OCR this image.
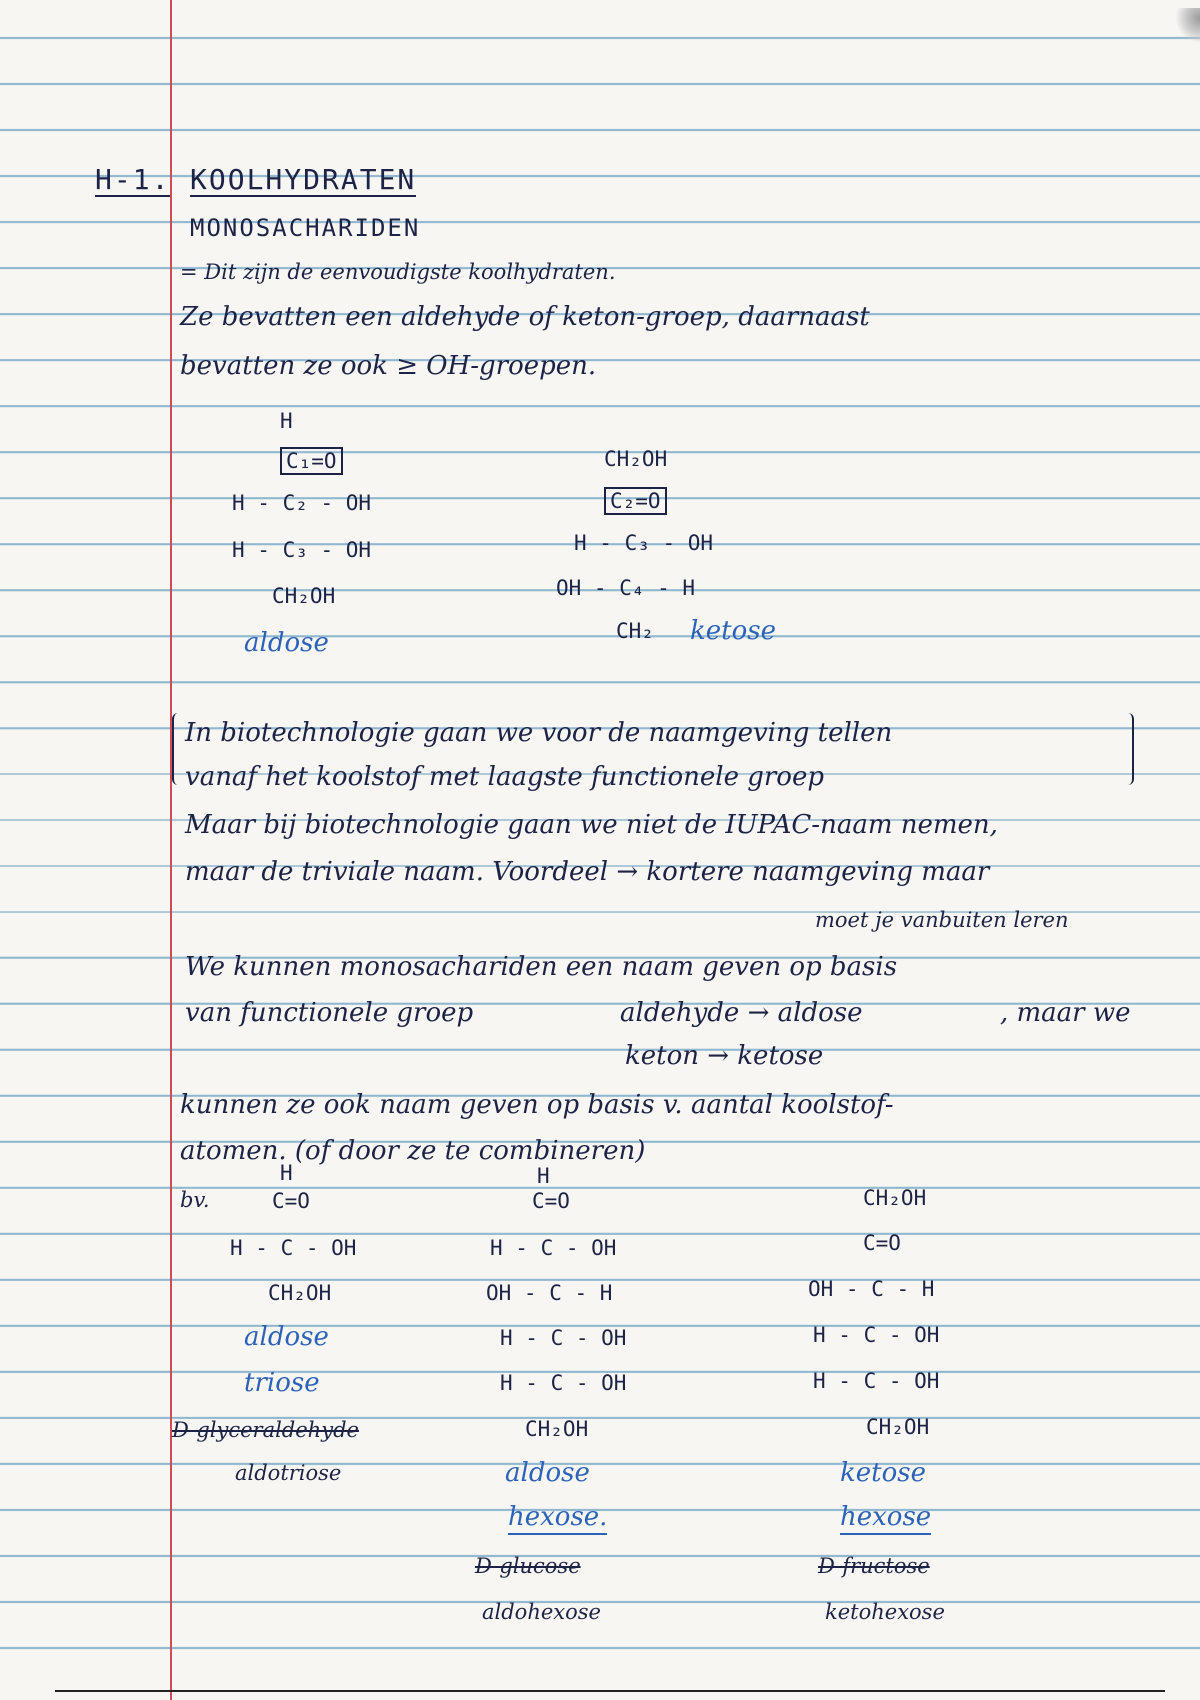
H-1. KOOLHYDRATEN
MONOSACHARIDEN
= Dit zijn de eenvoudigste koolhydraten.
Ze bevatten een aldehyde of keton-groep, daarnaast
bevatten ze ook ≥ OH-groepen.
H
C₁=O
H - C₂ - OH
H - C₃ - OH
CH₂OH
aldose
CH₂OH
C₂=O
H - C₃ - OH
OH - C₄ - H
CH₂ ketose
In biotechnologie gaan we voor de naamgeving tellen
vanaf het koolstof met laagste functionele groep
Maar bij biotechnologie gaan we niet de IUPAC-naam nemen,
maar de triviale naam. Voordeel → kortere naamgeving maar
moet je vanbuiten leren
We kunnen monosachariden een naam geven op basis
van functionele groep	aldehyde → aldose	, maar we
keton → ketose
kunnen ze ook naam geven op basis v. aantal koolstof-
atomen. (of door ze te combineren)
bv.
H
C=O
H - C - OH
CH₂OH
aldose
triose
D-glyceraldehyde
aldotriose
H
C=O
H - C - OH
OH - C - H
H - C - OH
H - C - OH
CH₂OH
aldose
hexose.
D-glucose
aldohexose
CH₂OH
C=O
OH - C - H
H - C - OH
H - C - OH
CH₂OH
ketose
hexose
D-fructose
ketohexose
